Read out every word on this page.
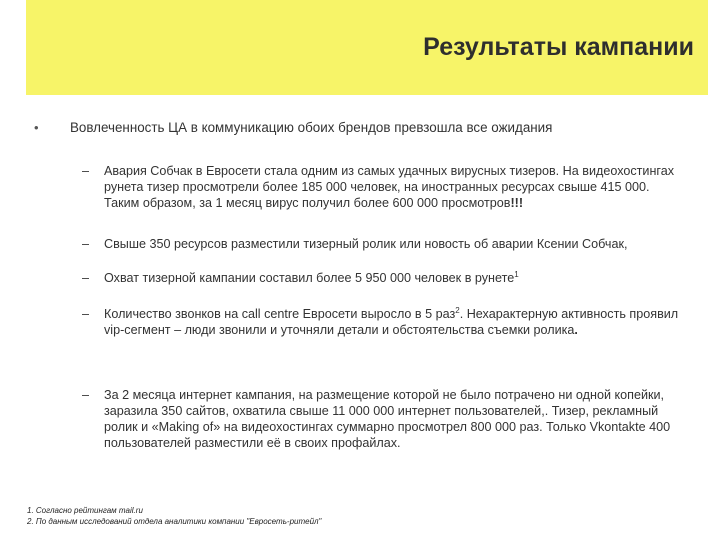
Результаты кампании
• Вовлеченность ЦА в коммуникацию обоих брендов превзошла все ожидания
– Авария Собчак в Евросети стала одним из самых удачных вирусных тизеров. На видеохостингах рунета тизер просмотрели более 185 000 человек, на иностранных ресурсах свыше 415 000. Таким образом, за 1 месяц вирус получил более 600 000 просмотров!!!
– Свыше 350 ресурсов разместили тизерный ролик или новость об аварии Ксении Собчак,
– Охват тизерной кампании составил более 5 950 000 человек в рунете$^1$
– Количество звонков на call centre Евросети выросло в 5 раз$^2$. Нехарактерную активность проявил vip-сегмент – люди звонили и уточняли детали и обстоятельства съемки ролика.
– За 2 месяца интернет кампания, на размещение которой не было потрачено ни одной копейки, заразила 350 сайтов, охватила свыше 11 000 000 интернет пользователей,. Тизер, рекламный ролик и «Making of» на видеохостингах суммарно просмотрел 800 000 раз. Только Vkontakte 400 пользователей разместили её в своих профайлах.
1. Согласно рейтингам mail.ru
2. По данным исследований отдела аналитики компании "Евросеть-ритейл"
